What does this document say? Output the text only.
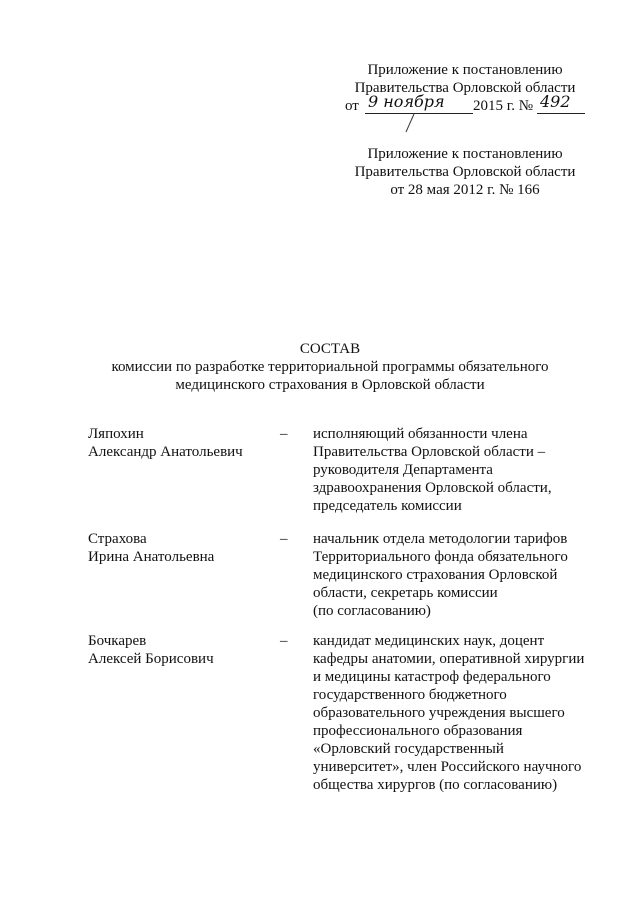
Приложение к постановлению
Правительства Орловской области
от 9 ноября 2015 г. № 492
Приложение к постановлению
Правительства Орловской области
от 28 мая 2012 г. № 166
СОСТАВ
комиссии по разработке территориальной программы обязательного
медицинского страхования в Орловской области
Ляпохин
Александр Анатольевич
– исполняющий обязанности члена
Правительства Орловской области –
руководителя Департамента
здравоохранения Орловской области,
председатель комиссии
Страхова
Ирина Анатольевна
– начальник отдела методологии тарифов
Территориального фонда обязательного
медицинского страхования Орловской
области, секретарь комиссии
(по согласованию)
Бочкарев
Алексей Борисович
– кандидат медицинских наук, доцент
кафедры анатомии, оперативной хирургии
и медицины катастроф федерального
государственного бюджетного
образовательного учреждения высшего
профессионального образования
«Орловский государственный
университет», член Российского научного
общества хирургов (по согласованию)
